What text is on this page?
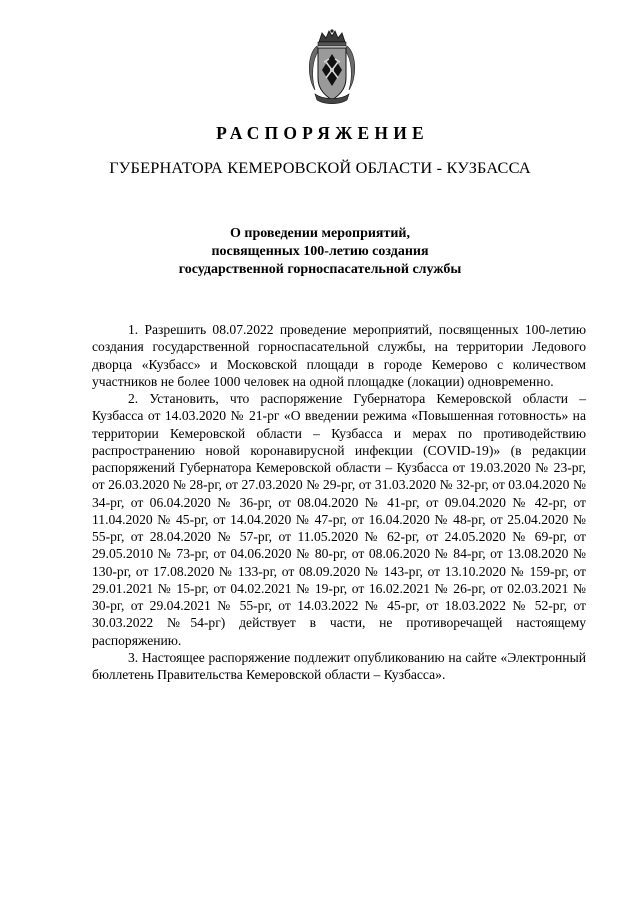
РАСПОРЯЖЕНИЕ
ГУБЕРНАТОРА КЕМЕРОВСКОЙ ОБЛАСТИ - КУЗБАССА
О проведении мероприятий,
посвященных 100-летию создания
государственной горноспасательной службы

1. Разрешить 08.07.2022 проведение мероприятий, посвященных 100-летию создания государственной горноспасательной службы, на территории Ледового дворца «Кузбасс» и Московской площади в городе Кемерово с количеством участников не более 1000 человек на одной площадке (локации) одновременно.

2. Установить, что распоряжение Губернатора Кемеровской области – Кузбасса от 14.03.2020 № 21-рг «О введении режима «Повышенная готовность» на территории Кемеровской области – Кузбасса и мерах по противодействию распространению новой коронавирусной инфекции (COVID-19)» (в редакции распоряжений Губернатора Кемеровской области – Кузбасса от 19.03.2020 № 23-рг, от 26.03.2020 № 28-рг, от 27.03.2020 № 29-рг, от 31.03.2020 № 32-рг, от 03.04.2020 № 34-рг, от 06.04.2020 № 36-рг, от 08.04.2020 № 41-рг, от 09.04.2020 № 42-рг, от 11.04.2020 № 45-рг, от 14.04.2020 № 47-рг, от 16.04.2020 № 48-рг, от 25.04.2020 № 55-рг, от 28.04.2020 № 57-рг, от 11.05.2020 № 62-рг, от 24.05.2020 № 69-рг, от 29.05.2010 № 73-рг, от 04.06.2020 № 80-рг, от 08.06.2020 № 84-рг, от 13.08.2020 № 130-рг, от 17.08.2020 № 133-рг, от 08.09.2020 № 143-рг, от 13.10.2020 № 159-рг, от 29.01.2021 № 15-рг, от 04.02.2021 № 19-рг, от 16.02.2021 № 26-рг, от 02.03.2021 № 30-рг, от 29.04.2021 № 55-рг, от 14.03.2022 № 45-рг, от 18.03.2022 № 52-рг, от 30.03.2022 №54-рг) действует в части, не противоречащей настоящему распоряжению.

3. Настоящее распоряжение подлежит опубликованию на сайте «Электронный бюллетень Правительства Кемеровской области – Кузбасса».
